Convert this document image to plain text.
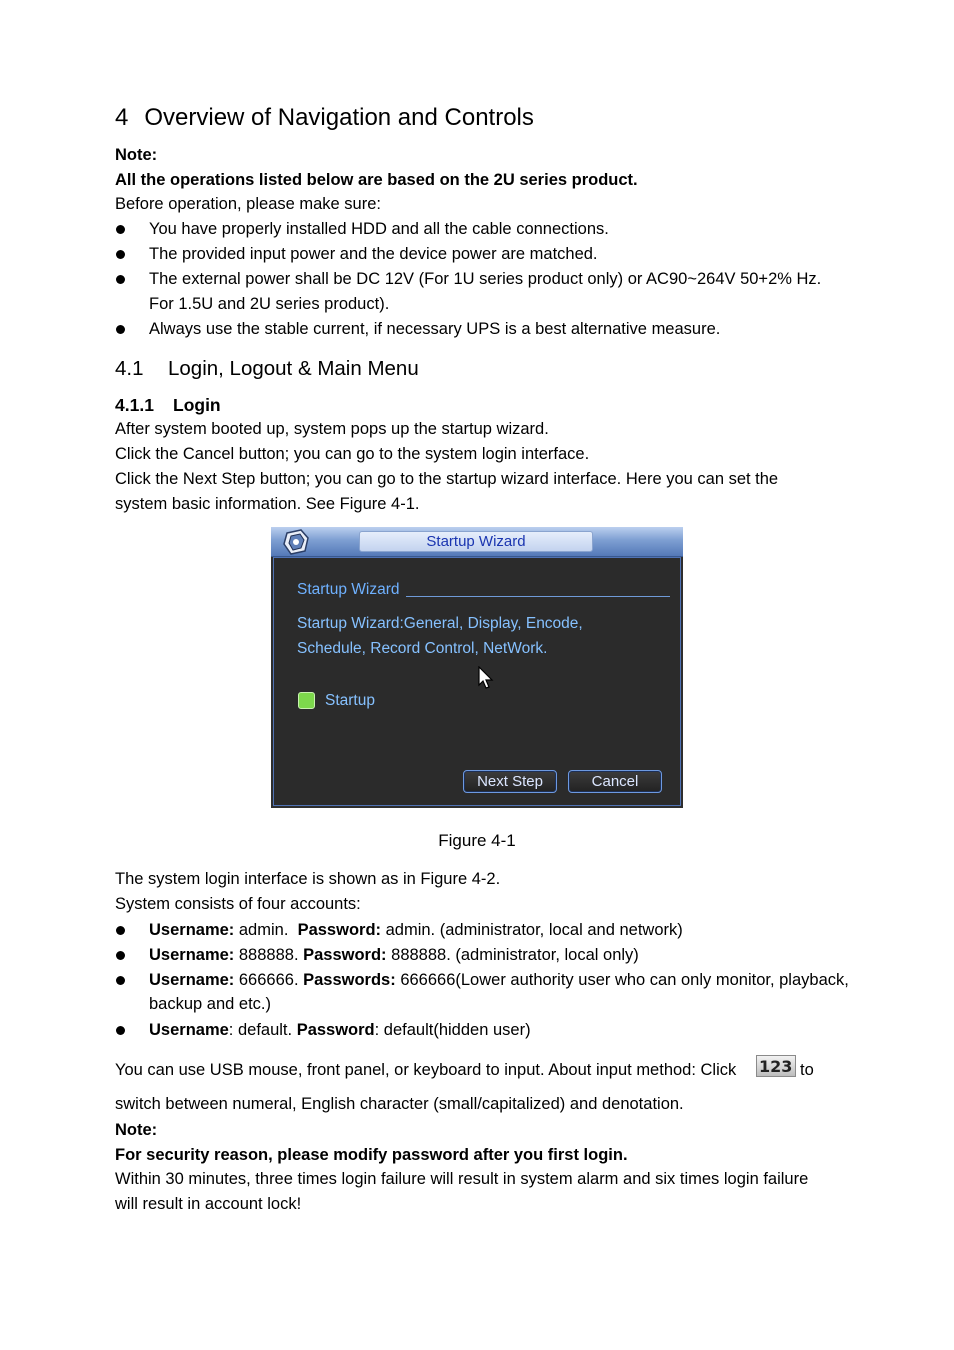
4 Overview of Navigation and Controls
Note:
All the operations listed below are based on the 2U series product.
Before operation, please make sure:
You have properly installed HDD and all the cable connections.
The provided input power and the device power are matched.
The external power shall be DC 12V (For 1U series product only) or AC90~264V 50+2% Hz.
For 1.5U and 2U series product).
Always use the stable current, if necessary UPS is a best alternative measure.
4.1 Login, Logout & Main Menu
4.1.1 Login
After system booted up, system pops up the startup wizard.
Click the Cancel button; you can go to the system login interface.
Click the Next Step button; you can go to the startup wizard interface. Here you can set the
system basic information. See Figure 4-1.
Startup Wizard
Startup Wizard
Startup Wizard:General, Display, Encode,
Schedule, Record Control, NetWork.
Startup
Next Step	Cancel
Figure 4-1
The system login interface is shown as in Figure 4-2.
System consists of four accounts:
Username: admin.  Password: admin. (administrator, local and network)
Username: 888888. Password: 888888. (administrator, local only)
Username: 666666. Passwords: 666666(Lower authority user who can only monitor, playback,
backup and etc.)
Username: default. Password: default(hidden user)
You can use USB mouse, front panel, or keyboard to input. About input method: Click 123 to
switch between numeral, English character (small/capitalized) and denotation.
Note:
For security reason, please modify password after you first login.
Within 30 minutes, three times login failure will result in system alarm and six times login failure
will result in account lock!
